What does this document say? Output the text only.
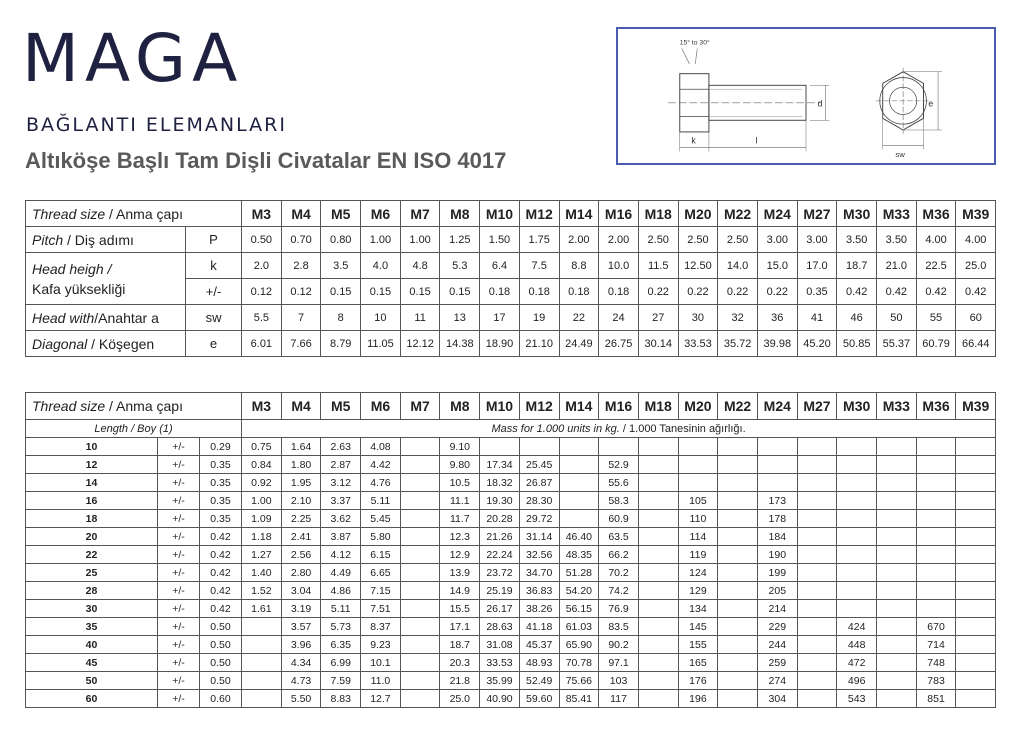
MAGA
BAĞLANTI ELEMANLARI
Altıköşe Başlı Tam Dişli Civatalar EN ISO 4017
15° to 30°
d
k	l
e
sw
Thread size / Anma çapı		M3	M4	M5	M6	M7	M8	M10	M12	M14	M16	M18	M20	M22	M24	M27	M30	M33	M36	M39
Pitch / Diş adımı	P	0.50	0.70	0.80	1.00	1.00	1.25	1.50	1.75	2.00	2.00	2.50	2.50	2.50	3.00	3.00	3.50	3.50	4.00	4.00
Head heigh /
Kafa yüksekliği	k	2.0	2.8	3.5	4.0	4.8	5.3	6.4	7.5	8.8	10.0	11.5	12.50	14.0	15.0	17.0	18.7	21.0	22.5	25.0
	+/-	0.12	0.12	0.15	0.15	0.15	0.15	0.18	0.18	0.18	0.18	0.22	0.22	0.22	0.22	0.35	0.42	0.42	0.42	0.42
Head with/Anahtar a	sw	5.5	7	8	10	11	13	17	19	22	24	27	30	32	36	41	46	50	55	60
Diagonal / Köşegen	e	6.01	7.66	8.79	11.05	12.12	14.38	18.90	21.10	24.49	26.75	30.14	33.53	35.72	39.98	45.20	50.85	55.37	60.79	66.44
Thread size / Anma çapı			M3	M4	M5	M6	M7	M8	M10	M12	M14	M16	M18	M20	M22	M24	M27	M30	M33	M36	M39
Length / Boy (1)			Mass for 1.000 units in kg. / 1.000 Tanesinin ağırlığı.																		
10	+/-	0.29	0.75	1.64	2.63	4.08		9.10													
12	+/-	0.35	0.84	1.80	2.87	4.42		9.80	17.34	25.45		52.9									
14	+/-	0.35	0.92	1.95	3.12	4.76		10.5	18.32	26.87		55.6									
16	+/-	0.35	1.00	2.10	3.37	5.11		11.1	19.30	28.30		58.3		105		173					
18	+/-	0.35	1.09	2.25	3.62	5.45		11.7	20.28	29.72		60.9		110		178					
20	+/-	0.42	1.18	2.41	3.87	5.80		12.3	21.26	31.14	46.40	63.5		114		184					
22	+/-	0.42	1.27	2.56	4.12	6.15		12.9	22.24	32.56	48.35	66.2		119		190					
25	+/-	0.42	1.40	2.80	4.49	6.65		13.9	23.72	34.70	51.28	70.2		124		199					
28	+/-	0.42	1.52	3.04	4.86	7.15		14.9	25.19	36.83	54.20	74.2		129		205					
30	+/-	0.42	1.61	3.19	5.11	7.51		15.5	26.17	38.26	56.15	76.9		134		214					
35	+/-	0.50		3.57	5.73	8.37		17.1	28.63	41.18	61.03	83.5		145		229		424		670	
40	+/-	0.50		3.96	6.35	9.23		18.7	31.08	45.37	65.90	90.2		155		244		448		714	
45	+/-	0.50		4.34	6.99	10.1		20.3	33.53	48.93	70.78	97.1		165		259		472		748	
50	+/-	0.50		4.73	7.59	11.0		21.8	35.99	52.49	75.66	103		176		274		496		783	
60	+/-	0.60		5.50	8.83	12.7		25.0	40.90	59.60	85.41	117		196		304		543		851	
